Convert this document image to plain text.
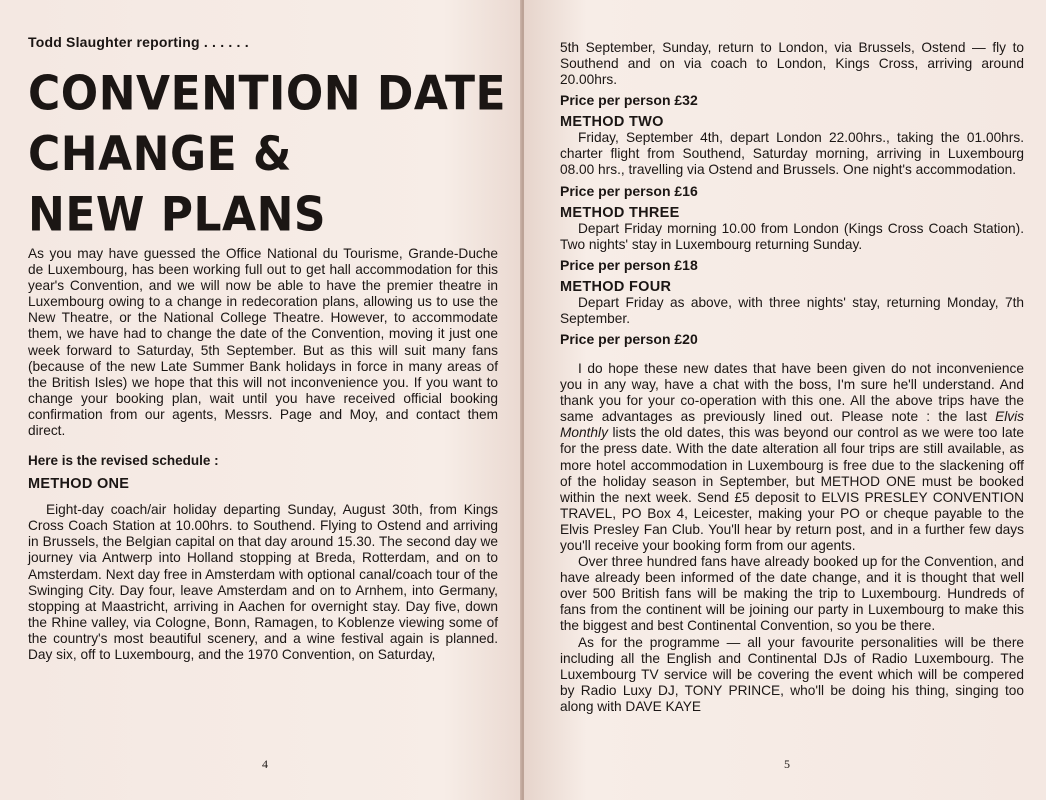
Todd Slaughter reporting . . . . . .
CONVENTION DATE
CHANGE &
NEW PLANS
As you may have guessed the Office National du Tourisme, Grande-Duche de Luxembourg, has been working full out to get hall accommodation for this year's Convention, and we will now be able to have the premier theatre in Luxembourg owing to a change in redecoration plans, allowing us to use the New Theatre, or the National College Theatre. However, to accommodate them, we have had to change the date of the Convention, moving it just one week forward to Saturday, 5th September. But as this will suit many fans (because of the new Late Summer Bank holidays in force in many areas of the British Isles) we hope that this will not inconvenience you. If you want to change your booking plan, wait until you have received official booking confirmation from our agents, Messrs. Page and Moy, and contact them direct.
Here is the revised schedule :
METHOD ONE
Eight-day coach/air holiday departing Sunday, August 30th, from Kings Cross Coach Station at 10.00hrs. to Southend. Flying to Ostend and arriving in Brussels, the Belgian capital on that day around 15.30. The second day we journey via Antwerp into Holland stopping at Breda, Rotterdam, and on to Amsterdam. Next day free in Amsterdam with optional canal/coach tour of the Swinging City. Day four, leave Amsterdam and on to Arnhem, into Germany, stopping at Maastricht, arriving in Aachen for overnight stay. Day five, down the Rhine valley, via Cologne, Bonn, Ramagen, to Koblenze viewing some of the country's most beautiful scenery, and a wine festival again is planned. Day six, off to Luxembourg, and the 1970 Convention, on Saturday,
4
5th September, Sunday, return to London, via Brussels, Ostend — fly to Southend and on via coach to London, Kings Cross, arriving around 20.00hrs.
Price per person £32
METHOD TWO
Friday, September 4th, depart London 22.00hrs., taking the 01.00hrs. charter flight from Southend, Saturday morning, arriving in Luxembourg 08.00 hrs., travelling via Ostend and Brussels. One night's accommodation.
Price per person £16
METHOD THREE
Depart Friday morning 10.00 from London (Kings Cross Coach Station). Two nights' stay in Luxembourg returning Sunday.
Price per person £18
METHOD FOUR
Depart Friday as above, with three nights' stay, returning Monday, 7th September.
Price per person £20
I do hope these new dates that have been given do not inconvenience you in any way, have a chat with the boss, I'm sure he'll understand. And thank you for your co-operation with this one. All the above trips have the same advantages as previously lined out. Please note : the last Elvis Monthly lists the old dates, this was beyond our control as we were too late for the press date. With the date alteration all four trips are still available, as more hotel accommodation in Luxembourg is free due to the slackening off of the holiday season in September, but METHOD ONE must be booked within the next week. Send £5 deposit to ELVIS PRESLEY CONVENTION TRAVEL, PO Box 4, Leicester, making your PO or cheque payable to the Elvis Presley Fan Club. You'll hear by return post, and in a further few days you'll receive your booking form from our agents.
Over three hundred fans have already booked up for the Convention, and have already been informed of the date change, and it is thought that well over 500 British fans will be making the trip to Luxembourg. Hundreds of fans from the continent will be joining our party in Luxembourg to make this the biggest and best Continental Convention, so you be there.
As for the programme — all your favourite personalities will be there including all the English and Continental DJs of Radio Luxembourg. The Luxembourg TV service will be covering the event which will be compered by Radio Luxy DJ, TONY PRINCE, who'll be doing his thing, singing too along with DAVE KAYE
5
